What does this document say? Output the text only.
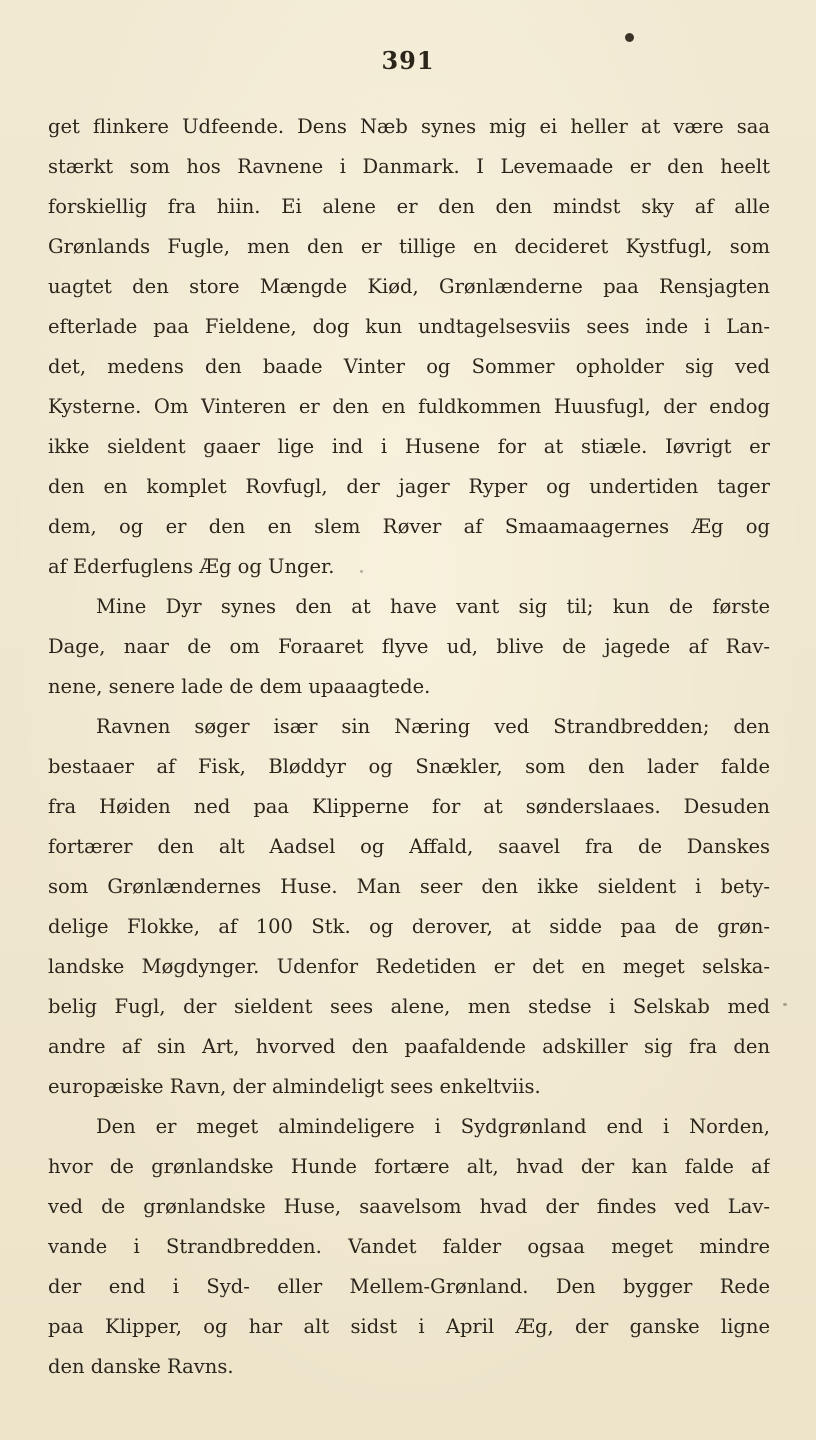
391
get flinkere Udfeende. Dens Næb synes mig ei heller at være saa
stærkt som hos Ravnene i Danmark. I Levemaade er den heelt
forskiellig fra hiin. Ei alene er den den mindst sky af alle
Grønlands Fugle, men den er tillige en decideret Kystfugl, som
uagtet den store Mængde Kiød, Grønlænderne paa Rensjagten
efterlade paa Fieldene, dog kun undtagelsesviis sees inde i Lan-
det, medens den baade Vinter og Sommer opholder sig ved
Kysterne. Om Vinteren er den en fuldkommen Huusfugl, der endog
ikke sieldent gaaer lige ind i Husene for at stiæle. Iøvrigt er
den en komplet Rovfugl, der jager Ryper og undertiden tager
dem, og er den en slem Røver af Smaamaagernes Æg og
af Ederfuglens Æg og Unger.
Mine Dyr synes den at have vant sig til; kun de første
Dage, naar de om Foraaret flyve ud, blive de jagede af Rav-
nene, senere lade de dem upaaagtede.
Ravnen søger især sin Næring ved Strandbredden; den
bestaaer af Fisk, Bløddyr og Snækler, som den lader falde
fra Høiden ned paa Klipperne for at sønderslaaes. Desuden
fortærer den alt Aadsel og Affald, saavel fra de Danskes
som Grønlændernes Huse. Man seer den ikke sieldent i bety-
delige Flokke, af 100 Stk. og derover, at sidde paa de grøn-
landske Møgdynger. Udenfor Redetiden er det en meget selska-
belig Fugl, der sieldent sees alene, men stedse i Selskab med
andre af sin Art, hvorved den paafaldende adskiller sig fra den
europæiske Ravn, der almindeligt sees enkeltviis.
Den er meget almindeligere i Sydgrønland end i Norden,
hvor de grønlandske Hunde fortære alt, hvad der kan falde af
ved de grønlandske Huse, saavelsom hvad der findes ved Lav-
vande i Strandbredden. Vandet falder ogsaa meget mindre
der end i Syd- eller Mellem-Grønland. Den bygger Rede
paa Klipper, og har alt sidst i April Æg, der ganske ligne
den danske Ravns.
